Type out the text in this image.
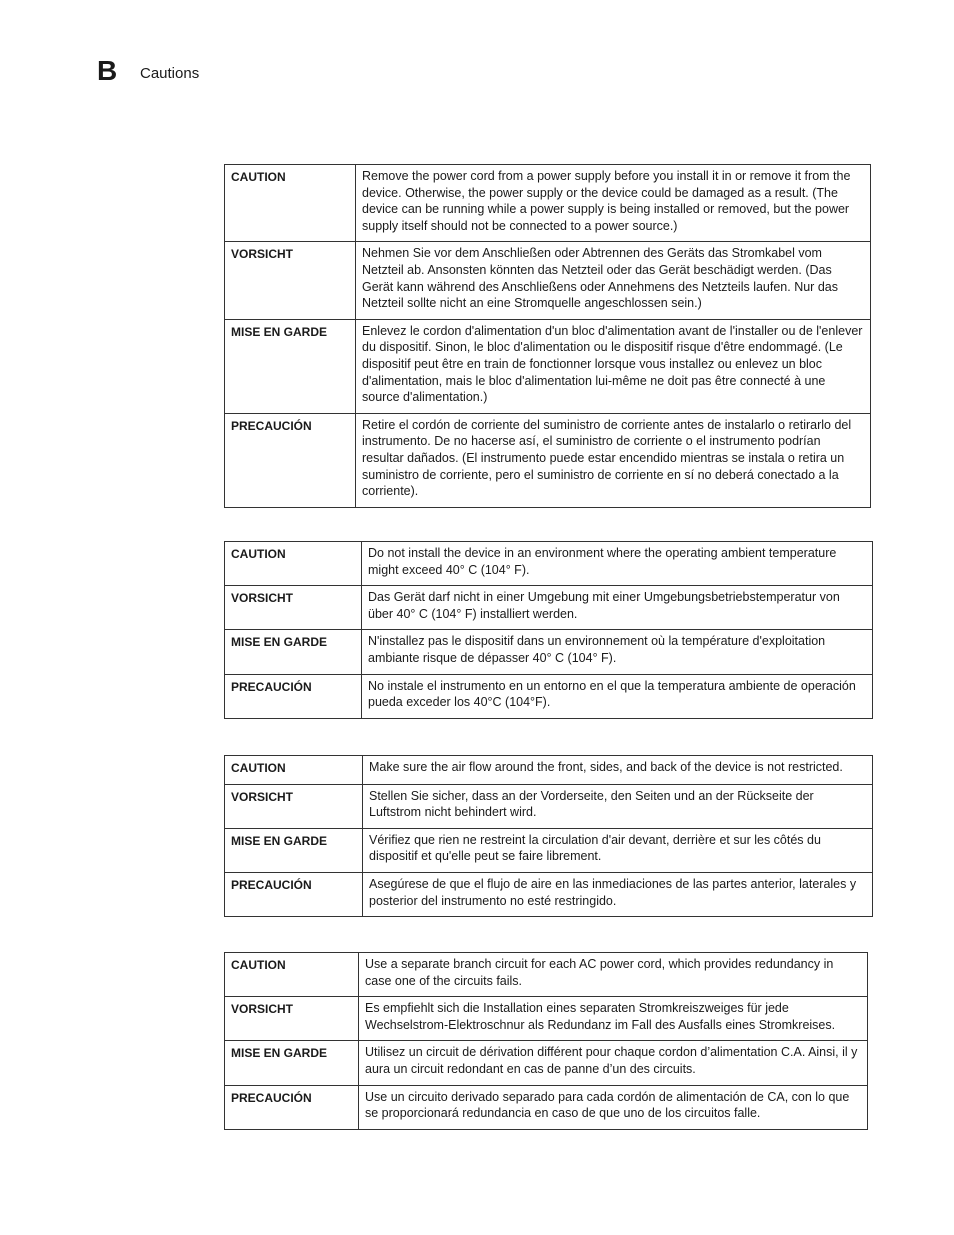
B Cautions
CAUTION	Remove the power cord from a power supply before you install it in or remove it from the device. Otherwise, the power supply or the device could be damaged as a result. (The device can be running while a power supply is being installed or removed, but the power supply itself should not be connected to a power source.)
VORSICHT	Nehmen Sie vor dem Anschließen oder Abtrennen des Geräts das Stromkabel vom Netzteil ab. Ansonsten könnten das Netzteil oder das Gerät beschädigt werden. (Das Gerät kann während des Anschließens oder Annehmens des Netzteils laufen. Nur das Netzteil sollte nicht an eine Stromquelle angeschlossen sein.)
MISE EN GARDE	Enlevez le cordon d'alimentation d'un bloc d'alimentation avant de l'installer ou de l'enlever du dispositif. Sinon, le bloc d'alimentation ou le dispositif risque d'être endommagé. (Le dispositif peut être en train de fonctionner lorsque vous installez ou enlevez un bloc d'alimentation, mais le bloc d'alimentation lui-même ne doit pas être connecté à une source d'alimentation.)
PRECAUCIÓN	Retire el cordón de corriente del suministro de corriente antes de instalarlo o retirarlo del instrumento. De no hacerse así, el suministro de corriente o el instrumento podrían resultar dañados. (El instrumento puede estar encendido mientras se instala o retira un suministro de corriente, pero el suministro de corriente en sí no deberá conectado a la corriente).
CAUTION	Do not install the device in an environment where the operating ambient temperature might exceed 40° C (104° F).
VORSICHT	Das Gerät darf nicht in einer Umgebung mit einer Umgebungsbetriebstemperatur von über 40° C (104° F) installiert werden.
MISE EN GARDE	N'installez pas le dispositif dans un environnement où la température d'exploitation ambiante risque de dépasser 40° C (104° F).
PRECAUCIÓN	No instale el instrumento en un entorno en el que la temperatura ambiente de operación pueda exceder los 40°C (104°F).
CAUTION	Make sure the air flow around the front, sides, and back of the device is not restricted.
VORSICHT	Stellen Sie sicher, dass an der Vorderseite, den Seiten und an der Rückseite der Luftstrom nicht behindert wird.
MISE EN GARDE	Vérifiez que rien ne restreint la circulation d'air devant, derrière et sur les côtés du dispositif et qu'elle peut se faire librement.
PRECAUCIÓN	Asegúrese de que el flujo de aire en las inmediaciones de las partes anterior, laterales y posterior del instrumento no esté restringido.
CAUTION	Use a separate branch circuit for each AC power cord, which provides redundancy in case one of the circuits fails.
VORSICHT	Es empfiehlt sich die Installation eines separaten Stromkreiszweiges für jede Wechselstrom-Elektroschnur als Redundanz im Fall des Ausfalls eines Stromkreises.
MISE EN GARDE	Utilisez un circuit de dérivation différent pour chaque cordon d’alimentation C.A. Ainsi, il y aura un circuit redondant en cas de panne d’un des circuits.
PRECAUCIÓN	Use un circuito derivado separado para cada cordón de alimentación de CA, con lo que se proporcionará redundancia en caso de que uno de los circuitos falle.
